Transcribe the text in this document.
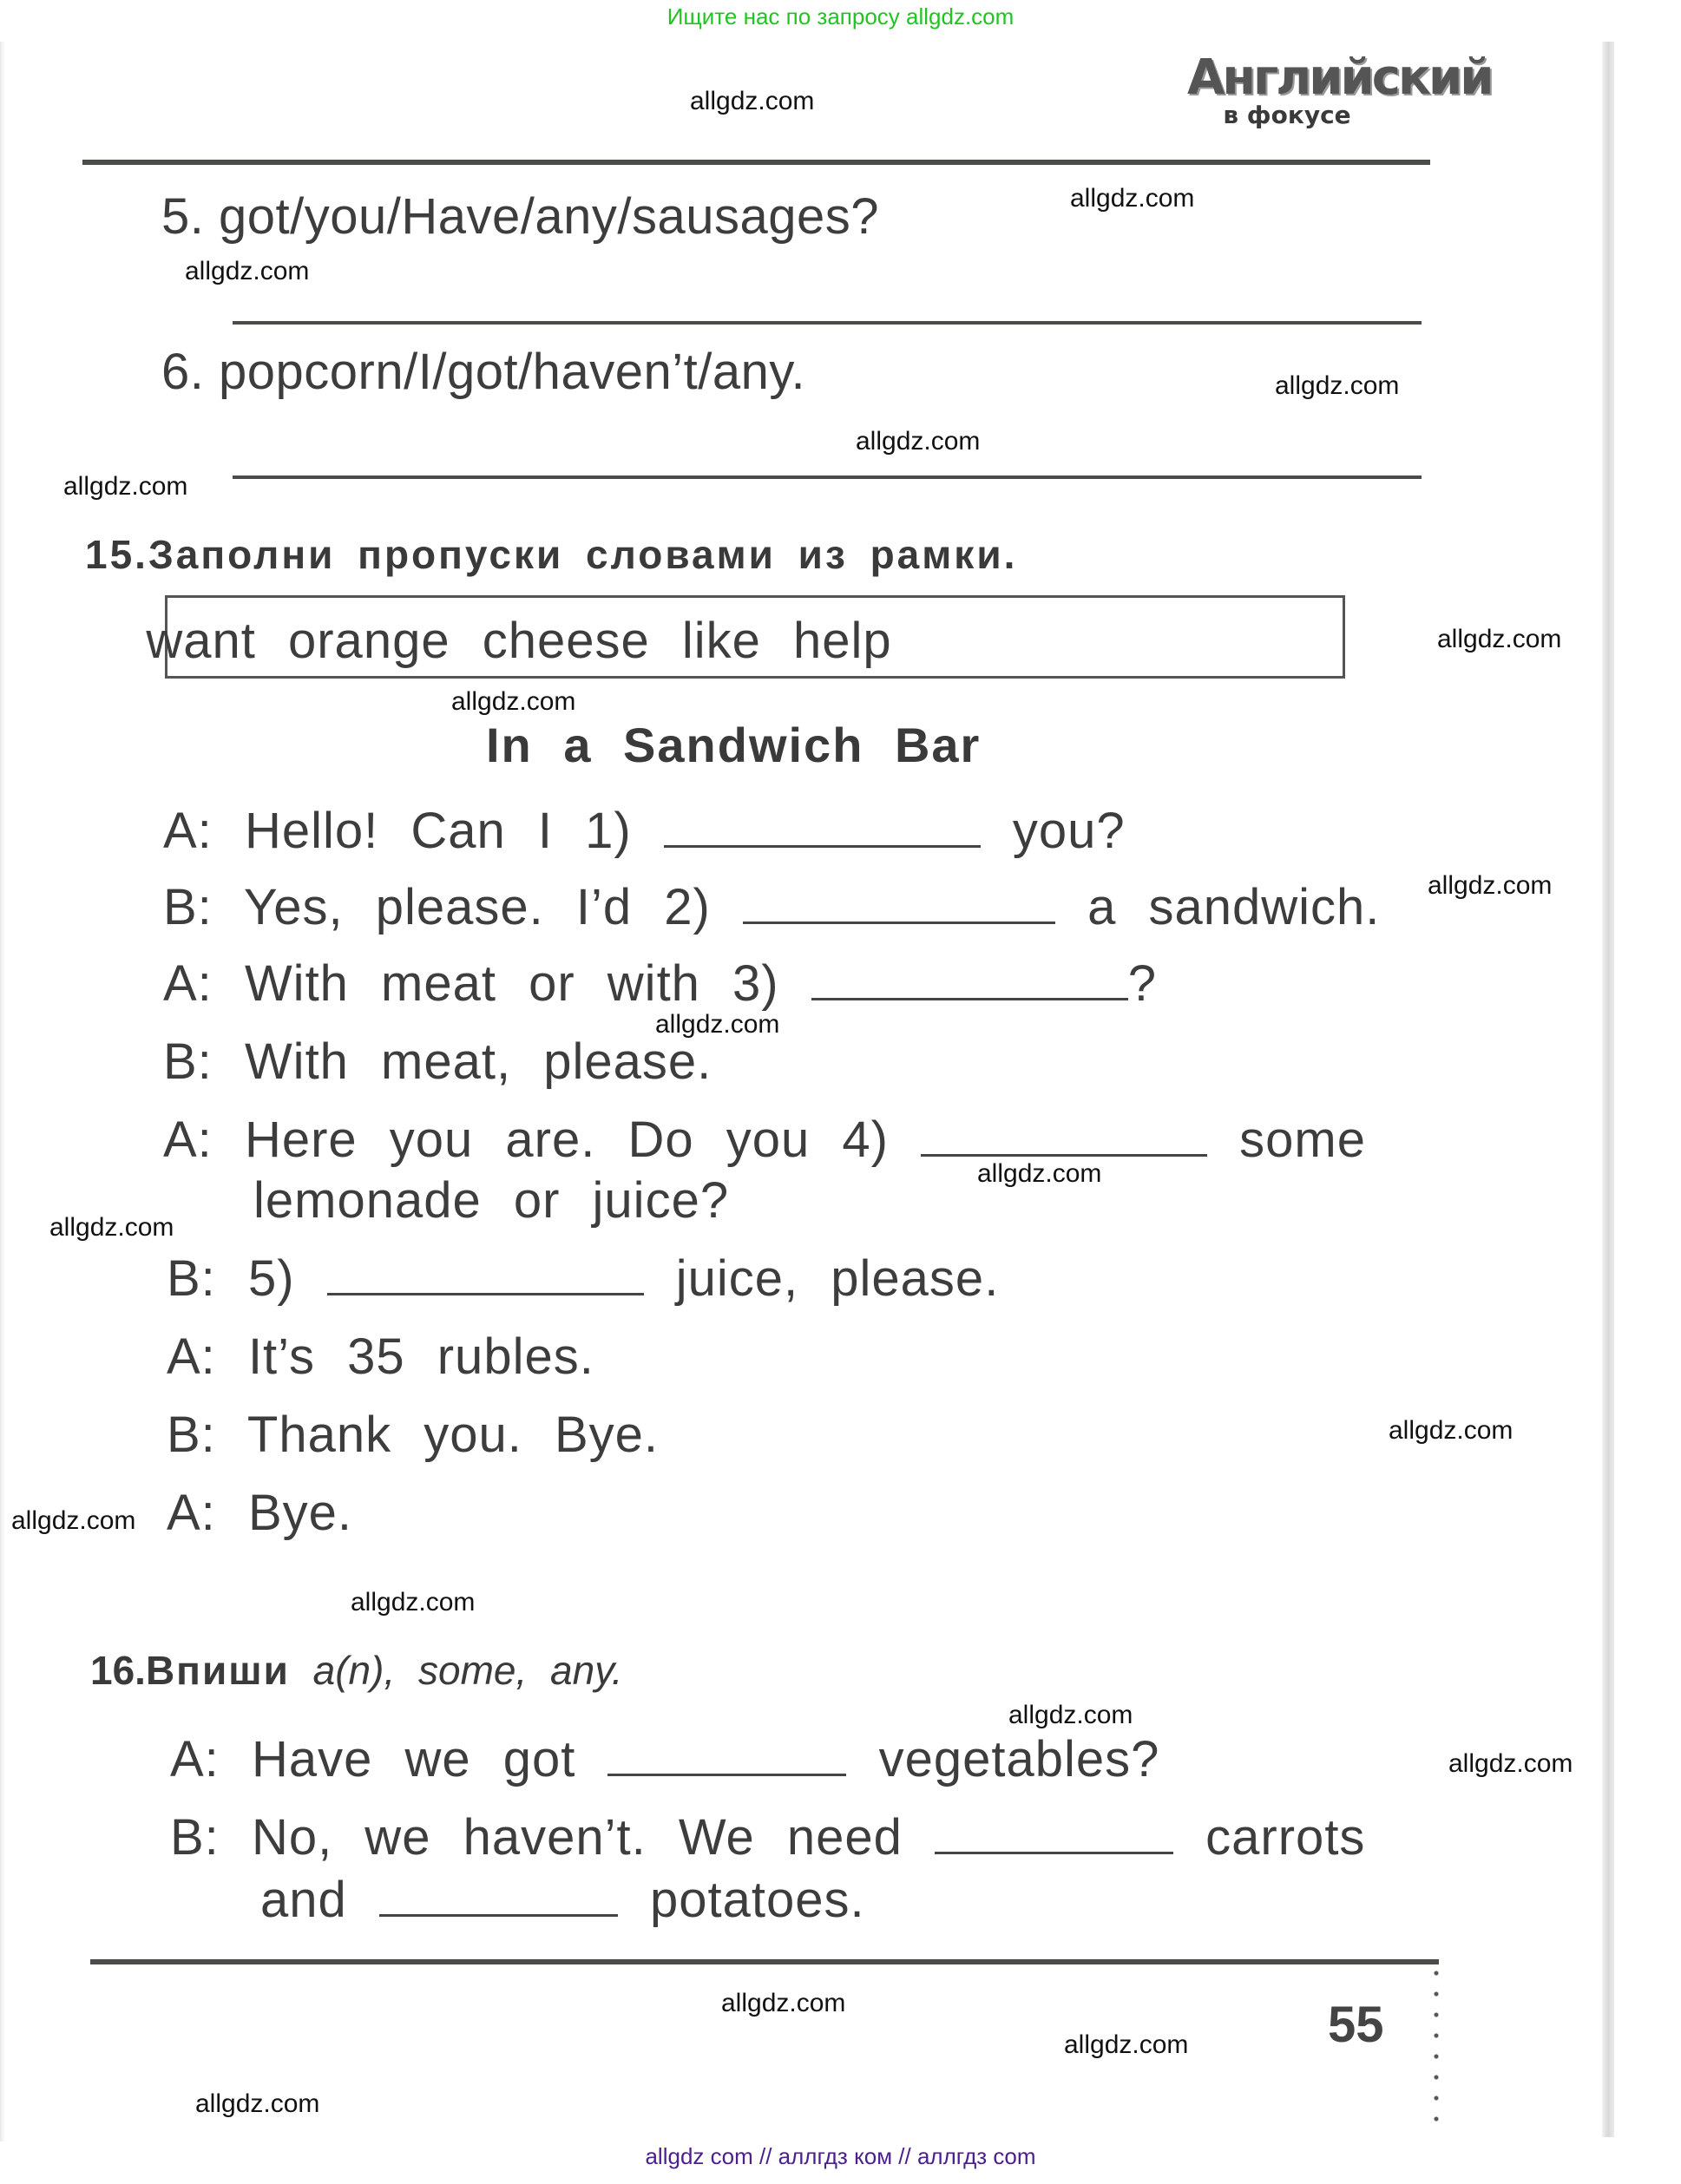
Ищите нас по запросу allgdz.com
Английский
в фокусе
5. got/you/Have/any/sausages?
6. popcorn/I/got/haven’t/any.
15.Заполни пропуски словами из рамки.
want orange cheese like help
In a Sandwich Bar
A: Hello! Can I 1)	you?
B: Yes, please. I’d 2)	a sandwich.
A: With meat or with 3)	?
B: With meat, please.
A: Here you are. Do you 4)	some
lemonade or juice?
B: 5)	juice, please.
A: It’s 35 rubles.
B: Thank you. Bye.
A: Bye.
16.Впиши a(n), some, any.
A: Have we got	vegetables?
B: No, we haven’t. We need	carrots
and	potatoes.
55
allgdz.com
allgdz.com
allgdz.com
allgdz.com
allgdz.com
allgdz.com
allgdz.com
allgdz.com
allgdz.com
allgdz.com
allgdz.com
allgdz.com
allgdz.com
allgdz.com
allgdz.com
allgdz.com
allgdz.com
allgdz.com
allgdz.com
allgdz.com
allgdz com // аллгдз ком // аллгдз com
